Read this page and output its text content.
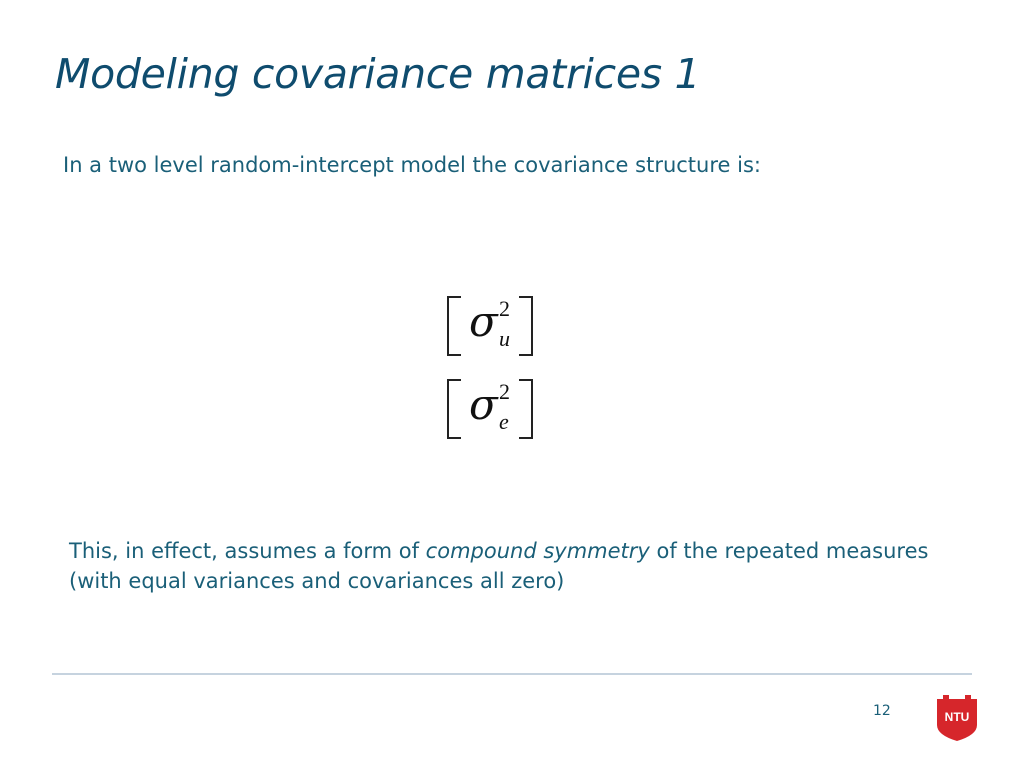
Modeling covariance matrices 1
In a two level random-intercept model the covariance structure is:
σ 2
u
σ 2
e
This, in effect, assumes a form of compound symmetry of the repeated measures (with equal variances and covariances all zero)
12	NTU
